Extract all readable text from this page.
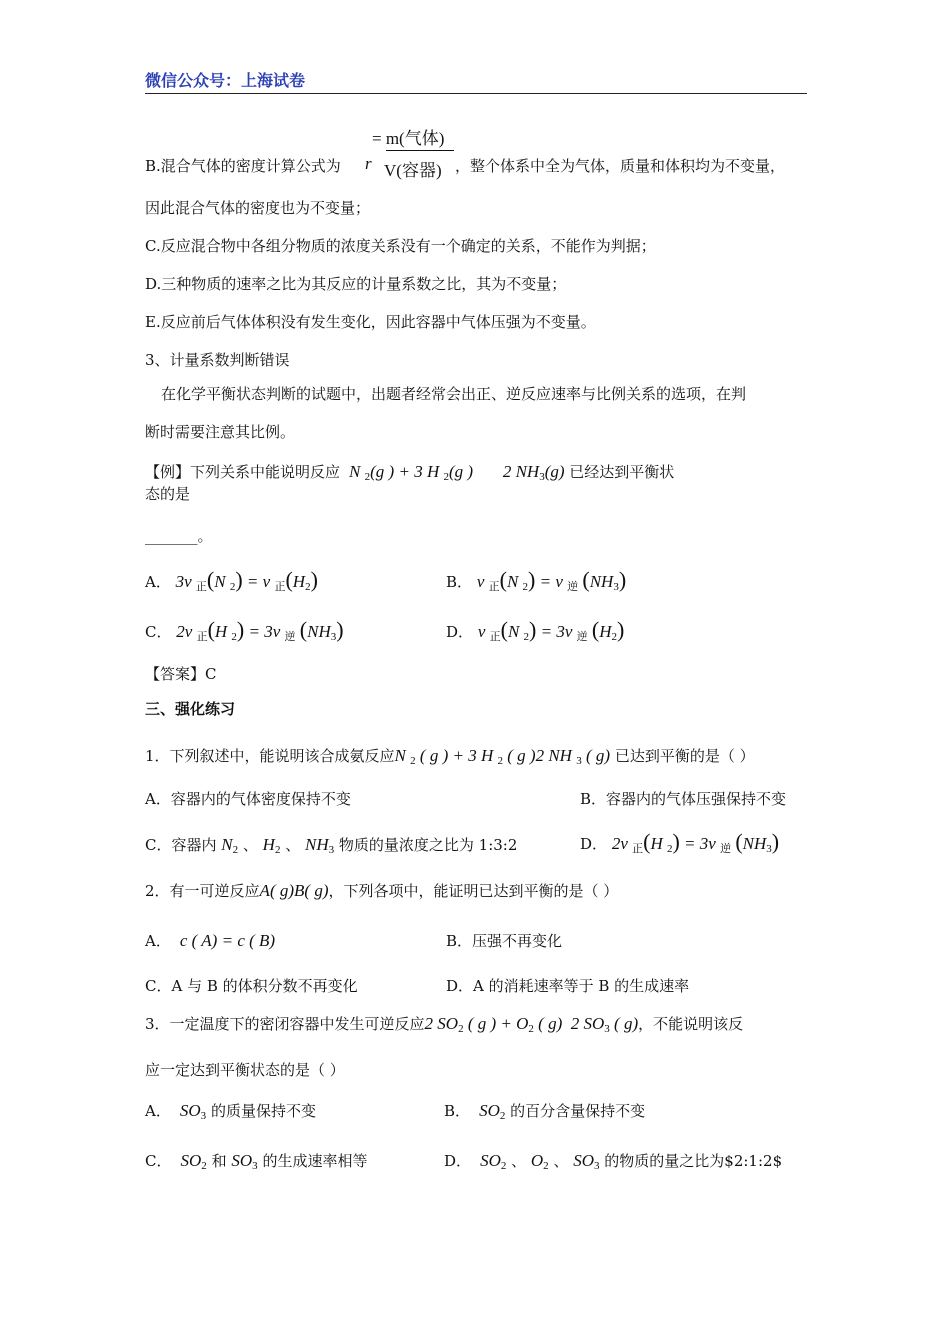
微信公众号：上海试卷
= m(气体)
r V(容器)
B.混合气体的密度计算公式为	，整个体系中全为气体，质量和体积均为不变量，
因此混合气体的密度也为不变量；
C.反应混合物中各组分物质的浓度关系没有一个确定的关系，不能作为判据；
D.三种物质的速率之比为其反应的计量系数之比，其为不变量；
E.反应前后气体体积没有发生变化，因此容器中气体压强为不变量。
3、计量系数判断错误
在化学平衡状态判断的试题中，出题者经常会出正、逆反应速率与比例关系的选项，在判
断时需要注意其比例。
【例】下列关系中能说明反应  N $_2$(g ) + 3 H $_2$(g ) 2 $NH_3(g)$ 已经达到平衡状
态的是
_______。
A． 3v 正(N $_2$) = v 正$(H_2)$	B． v 正(N $_2$) = v 逆 $(NH_3)$
C． 2v 正(H $_2$) = 3v 逆 $(NH_3)$	D． v 正(N $_2$) = 3v 逆 $(H_2)$
【答案】C
三、强化练习
1．下列叙述中，能说明该合成氨反应N $_2$ ( g ) + 3 H $_2$ ( g )2 NH $_3$ ( g) 已达到平衡的是（ ）
A．容器内的气体密度保持不变	B．容器内的气体压强保持不变
C．容器内 $N_2$ 、 $H_2$ 、 $NH_3$ 物质的量浓度之比为 1:3:2	D． 2v 正(H $_2$) = 3v 逆 $(NH_3)$
2．有一可逆反应A( g)B( g)，下列各项中，能证明已达到平衡的是（ ）
A．  c ( A) = c ( B)	B．压强不再变化
C．A 与 B 的体积分数不再变化	D．A 的消耗速率等于 B 的生成速率
3．一定温度下的密闭容器中发生可逆反应2 $SO_2$ ( g ) + $O_2$ ( g) 2 $SO_3$ ( g)，不能说明该反
应一定达到平衡状态的是（ ）
A．  $SO_3$ 的质量保持不变	B．  $SO_2$ 的百分含量保持不变
C．  $SO_2$ 和 $SO_3$ 的生成速率相等	D．  $SO_2$ 、 $O_2$ 、 $SO_3$ 的物质的量之比为$2:1:2$
